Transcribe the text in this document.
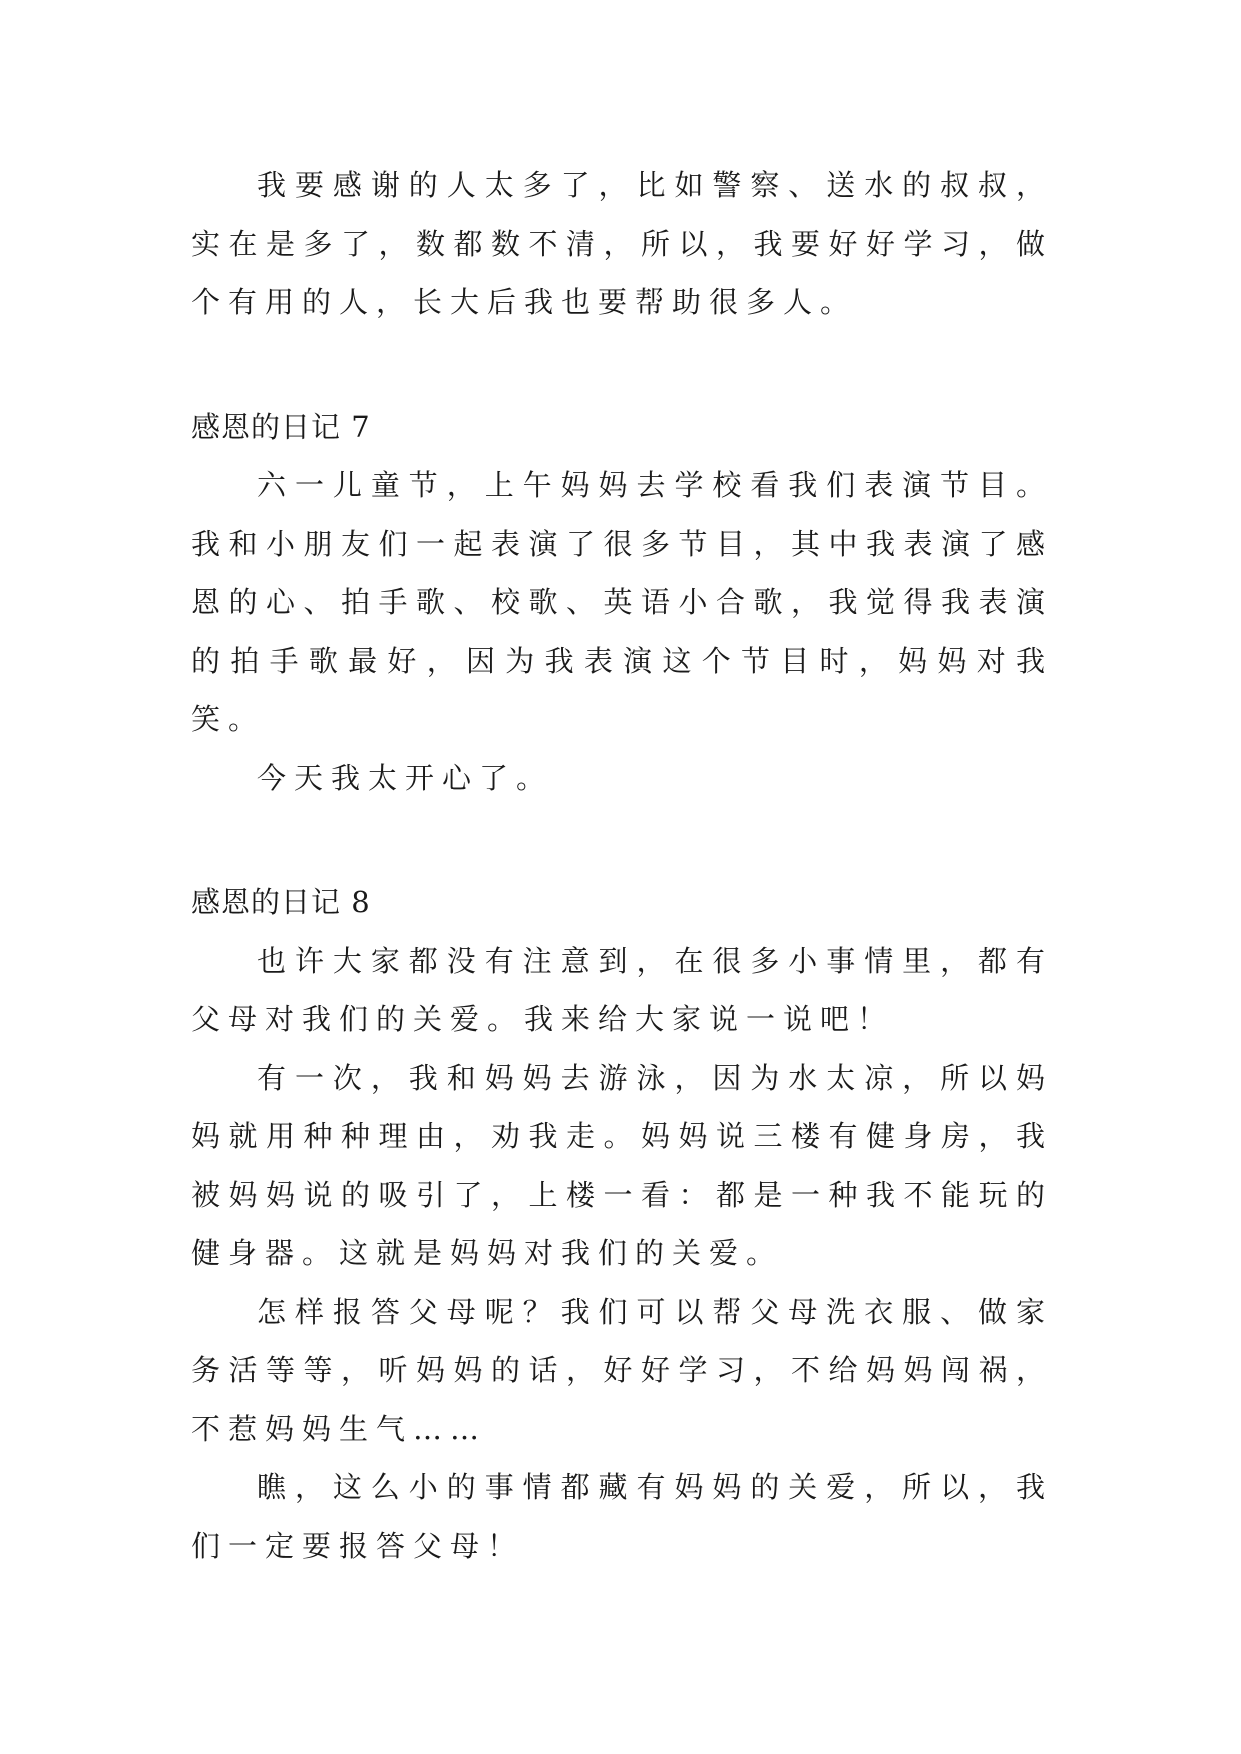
我要感谢的人太多了，比如警察、送水的叔叔，实在是多了，数都数不清，所以，我要好好学习，做个有用的人，长大后我也要帮助很多人。

感恩的日记 7

六一儿童节，上午妈妈去学校看我们表演节目。我和小朋友们一起表演了很多节目，其中我表演了感恩的心、拍手歌、校歌、英语小合歌，我觉得我表演的拍手歌最好，因为我表演这个节目时，妈妈对我笑。

今天我太开心了。

感恩的日记 8

也许大家都没有注意到，在很多小事情里，都有父母对我们的关爱。我来给大家说一说吧！

有一次，我和妈妈去游泳，因为水太凉，所以妈妈就用种种理由，劝我走。妈妈说三楼有健身房，我被妈妈说的吸引了，上楼一看：都是一种我不能玩的健身器。这就是妈妈对我们的关爱。

怎样报答父母呢？我们可以帮父母洗衣服、做家务活等等，听妈妈的话，好好学习，不给妈妈闯祸，不惹妈妈生气……

瞧，这么小的事情都藏有妈妈的关爱，所以，我们一定要报答父母！
